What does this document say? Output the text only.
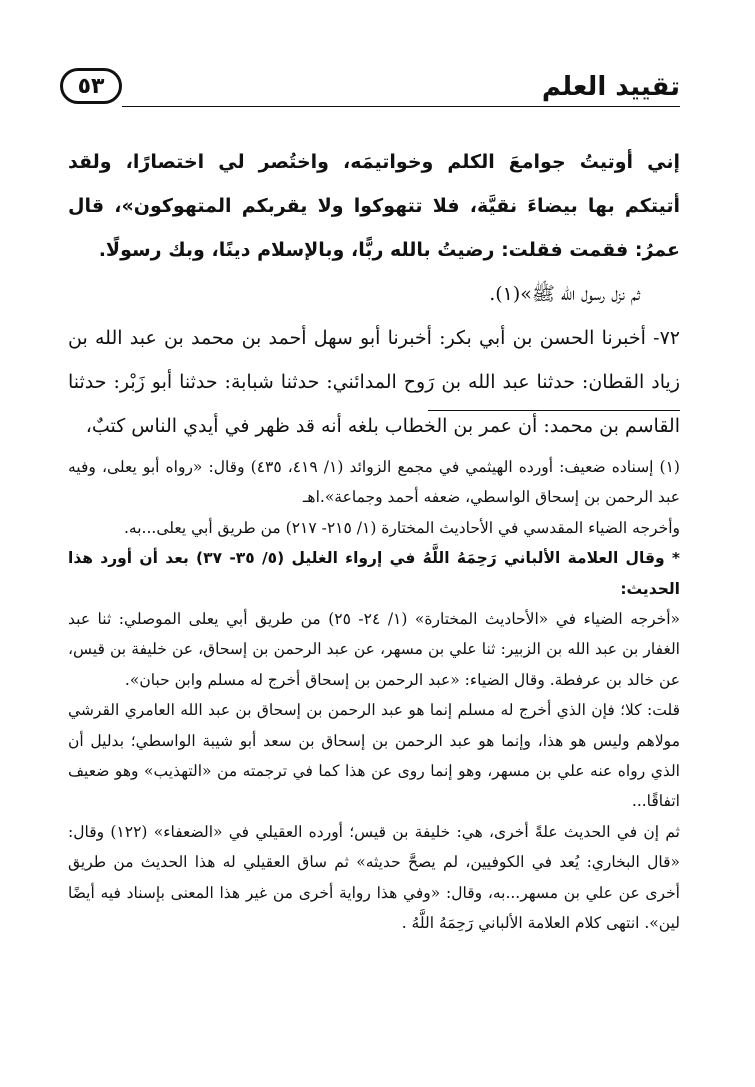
٥٣	تقييد العلم

إني أوتيتُ جوامعَ الكلم وخواتيمَه، واختُصر لي اختصارًا، ولقد أتيتكم بها بيضاءَ نقيَّة، فلا تتهوكوا ولا يقربكم المتهوكون»، قال عمرُ: فقمت فقلت: رضيتُ بالله ربًّا، وبالإسلام دينًا، وبك رسولًا.

ثم نزل رسول الله ﷺ»(١).

٧٢- أخبرنا الحسن بن أبي بكر: أخبرنا أبو سهل أحمد بن محمد بن عبد الله بن زياد القطان: حدثنا عبد الله بن رَوح المدائني: حدثنا شبابة: حدثنا أبو زَبْر: حدثنا القاسم بن محمد: أن عمر بن الخطاب بلغه أنه قد ظهر في أيدي الناس كتبٌ،

(١) إسناده ضعيف: أورده الهيثمي في مجمع الزوائد (١/ ٤١٩، ٤٣٥) وقال: «رواه أبو يعلى، وفيه عبد الرحمن بن إسحاق الواسطي، ضعفه أحمد وجماعة».اهـ

وأخرجه الضياء المقدسي في الأحاديث المختارة (١/ ٢١٥- ٢١٧) من طريق أبي يعلى...به.

* وقال العلامة الألباني رَحِمَهُ اللَّهُ في إرواء الغليل (٥/ ٣٥- ٣٧) بعد أن أورد هذا الحديث:

«أخرجه الضياء في «الأحاديث المختارة» (١/ ٢٤- ٢٥) من طريق أبي يعلى الموصلي: ثنا عبد الغفار بن عبد الله بن الزبير: ثنا علي بن مسهر، عن عبد الرحمن بن إسحاق، عن خليفة بن قيس، عن خالد بن عرفطة. وقال الضياء: «عبد الرحمن بن إسحاق أخرج له مسلم وابن حبان».

قلت: كلا؛ فإن الذي أخرج له مسلم إنما هو عبد الرحمن بن إسحاق بن عبد الله العامري القرشي مولاهم وليس هو هذا، وإنما هو عبد الرحمن بن إسحاق بن سعد أبو شيبة الواسطي؛ بدليل أن الذي رواه عنه علي بن مسهر، وهو إنما روى عن هذا كما في ترجمته من «التهذيب» وهو ضعيف اتفاقًا...

ثم إن في الحديث علةً أخرى، هي: خليفة بن قيس؛ أورده العقيلي في «الضعفاء» (١٢٢) وقال: «قال البخاري: يُعد في الكوفيين، لم يصحَّ حديثه» ثم ساق العقيلي له هذا الحديث من طريق أخرى عن علي بن مسهر...به، وقال: «وفي هذا رواية أخرى من غير هذا المعنى بإسناد فيه أيضًا لين». انتهى كلام العلامة الألباني رَحِمَهُ اللَّهُ .
